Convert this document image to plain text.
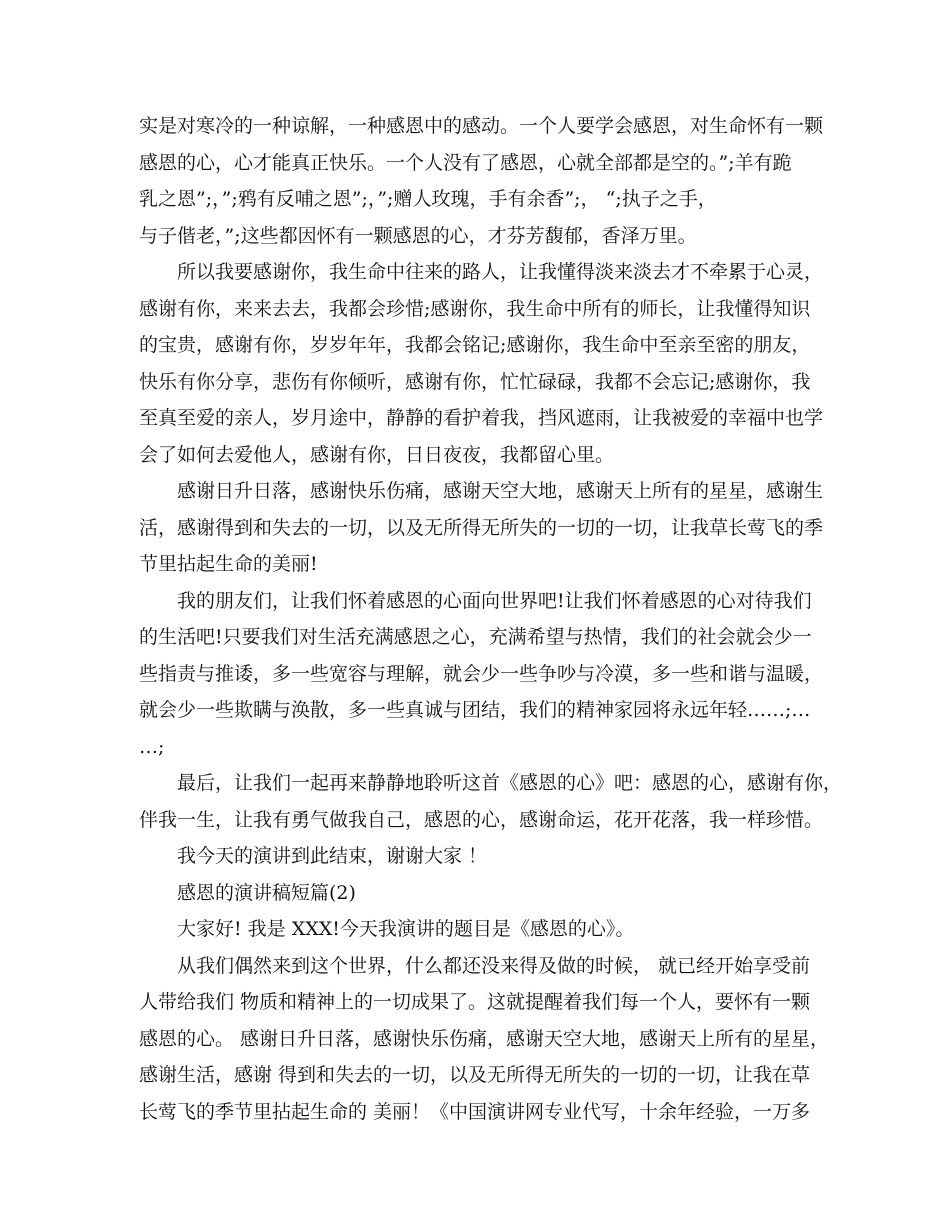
实是对寒冷的一种谅解，一种感恩中的感动。一个人要学会感恩，对生命怀有一颗
感恩的心，心才能真正快乐。一个人没有了感恩，心就全部都是空的。”;羊有跪
乳之恩”;，”;鸦有反哺之恩”;，”;赠人玫瑰，手有余香”;， “;执子之手，
与子偕老，”;这些都因怀有一颗感恩的心，才芬芳馥郁，香泽万里。
所以我要感谢你，我生命中往来的路人，让我懂得淡来淡去才不牵累于心灵，
感谢有你，来来去去，我都会珍惜;感谢你，我生命中所有的师长，让我懂得知识
的宝贵，感谢有你，岁岁年年，我都会铭记;感谢你，我生命中至亲至密的朋友，
快乐有你分享，悲伤有你倾听，感谢有你，忙忙碌碌，我都不会忘记;感谢你，我
至真至爱的亲人，岁月途中，静静的看护着我，挡风遮雨，让我被爱的幸福中也学
会了如何去爱他人，感谢有你，日日夜夜，我都留心里。
感谢日升日落，感谢快乐伤痛，感谢天空大地，感谢天上所有的星星，感谢生
活，感谢得到和失去的一切，以及无所得无所失的一切的一切，让我草长莺飞的季
节里拈起生命的美丽!
我的朋友们，让我们怀着感恩的心面向世界吧!让我们怀着感恩的心对待我们
的生活吧!只要我们对生活充满感恩之心，充满希望与热情，我们的社会就会少一
些指责与推诿，多一些宽容与理解，就会少一些争吵与冷漠，多一些和谐与温暖，
就会少一些欺瞒与涣散，多一些真诚与团结，我们的精神家园将永远年轻……;…
…;
最后，让我们一起再来静静地聆听这首《感恩的心》吧：感恩的心，感谢有你，
伴我一生，让我有勇气做我自己，感恩的心，感谢命运，花开花落，我一样珍惜。
我今天的演讲到此结束，谢谢大家 ！
感恩的演讲稿短篇(2)
大家好! 我是 XXX!今天我演讲的题目是《感恩的心》。
从我们偶然来到这个世界，什么都还没来得及做的时候， 就已经开始享受前
人带给我们 物质和精神上的一切成果了。这就提醒着我们每一个人，要怀有一颗
感恩的心。 感谢日升日落，感谢快乐伤痛，感谢天空大地，感谢天上所有的星星，
感谢生活，感谢 得到和失去的一切，以及无所得无所失的一切的一切，让我在草
长莺飞的季节里拈起生命的 美丽！《中国演讲网专业代写，十余年经验，一万多
